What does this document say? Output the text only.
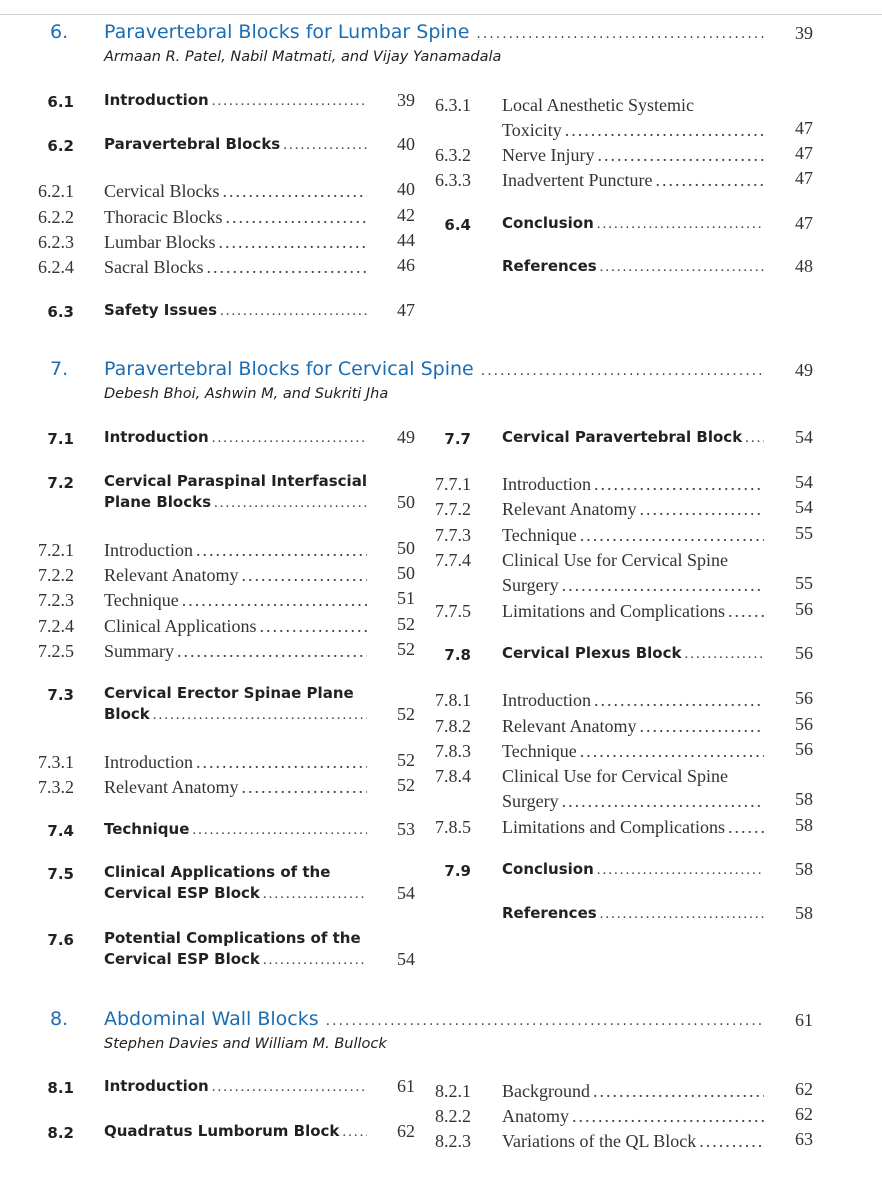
6. Paravertebral Blocks for Lumbar Spine .....	39
Armaan R. Patel, Nabil Matmati, and Vijay Yanamadala
6.1 Introduction .....	39
6.2 Paravertebral Blocks .....	40
6.2.1 Cervical Blocks .....	40
6.2.2 Thoracic Blocks .....	42
6.2.3 Lumbar Blocks .....	44
6.2.4 Sacral Blocks .....	46
6.3 Safety Issues .....	47
6.3.1 Local Anesthetic Systemic
Toxicity .....	47
6.3.2 Nerve Injury .....	47
6.3.3 Inadvertent Puncture .....	47
6.4 Conclusion .....	47
References .....	48
7. Paravertebral Blocks for Cervical Spine .....	49
Debesh Bhoi, Ashwin M, and Sukriti Jha
7.1 Introduction .....	49
7.2 Cervical Paraspinal Interfascial
Plane Blocks .....	50
7.2.1 Introduction .....	50
7.2.2 Relevant Anatomy .....	50
7.2.3 Technique .....	51
7.2.4 Clinical Applications .....	52
7.2.5 Summary .....	52
7.3 Cervical Erector Spinae Plane
Block .....	52
7.3.1 Introduction .....	52
7.3.2 Relevant Anatomy .....	52
7.4 Technique .....	53
7.5 Clinical Applications of the
Cervical ESP Block .....	54
7.6 Potential Complications of the
Cervical ESP Block .....	54
7.7 Cervical Paravertebral Block .....	54
7.7.1 Introduction .....	54
7.7.2 Relevant Anatomy .....	54
7.7.3 Technique .....	55
7.7.4 Clinical Use for Cervical Spine
Surgery .....	55
7.7.5 Limitations and Complications .....	56
7.8 Cervical Plexus Block .....	56
7.8.1 Introduction .....	56
7.8.2 Relevant Anatomy .....	56
7.8.3 Technique .....	56
7.8.4 Clinical Use for Cervical Spine
Surgery .....	58
7.8.5 Limitations and Complications .....	58
7.9 Conclusion .....	58
References .....	58
8. Abdominal Wall Blocks .....	61
Stephen Davies and William M. Bullock
8.1 Introduction .....	61
8.2 Quadratus Lumborum Block .....	62
8.2.1 Background .....	62
8.2.2 Anatomy .....	62
8.2.3 Variations of the QL Block .....	63
